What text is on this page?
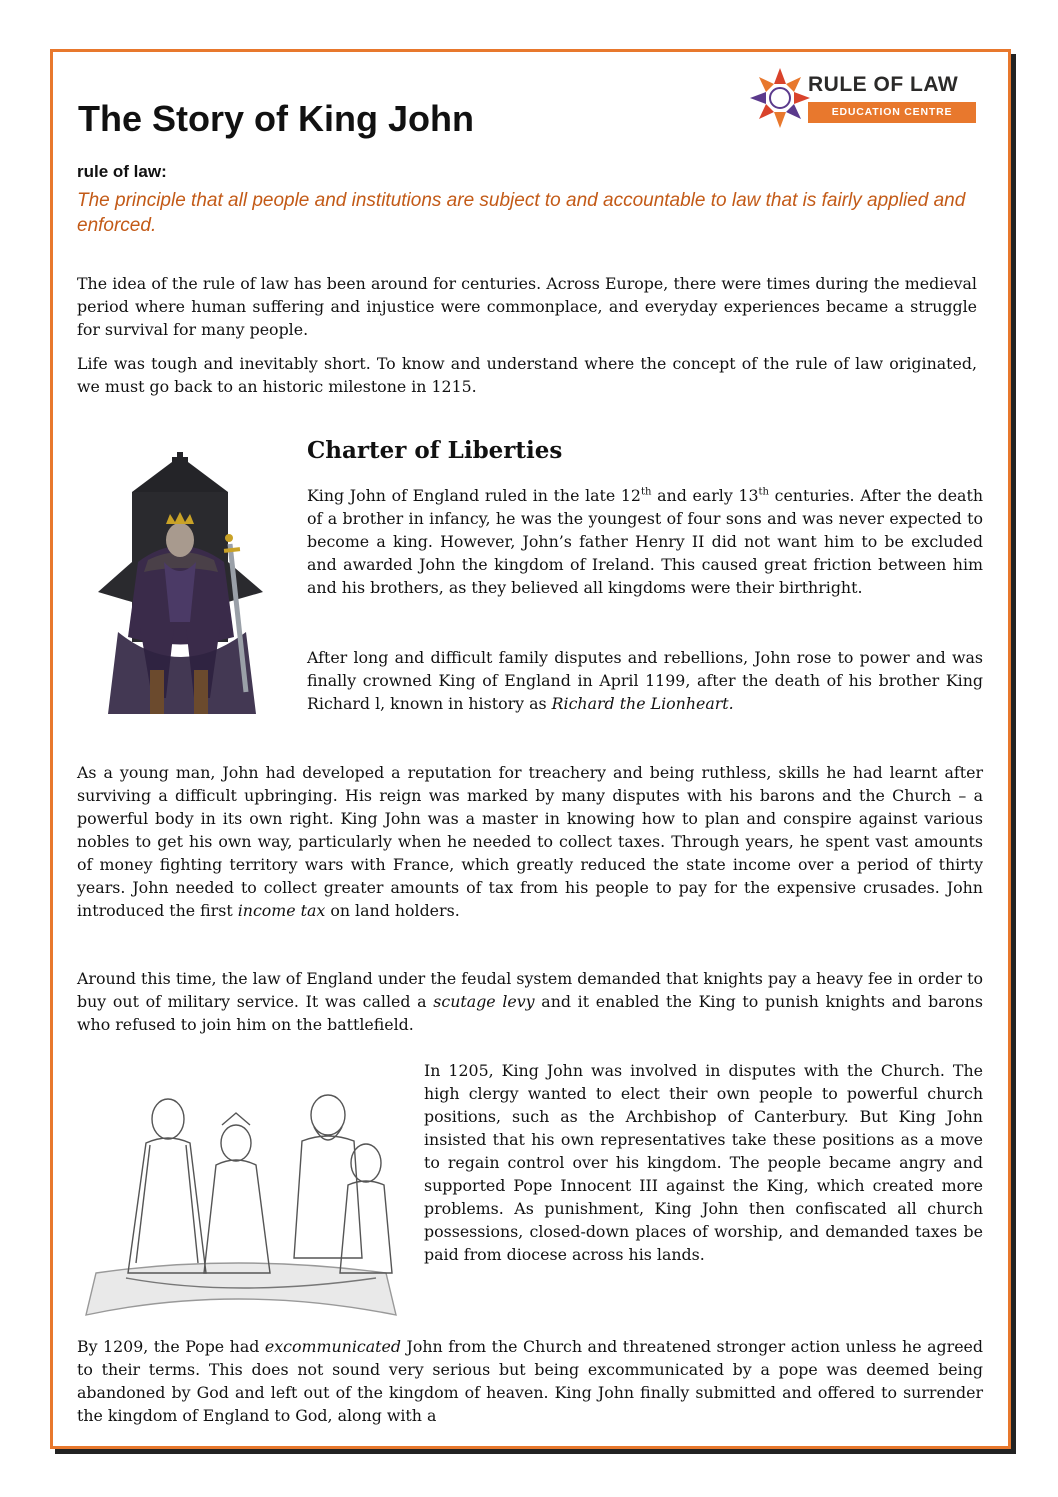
The Story of King John
RULE OF LAW
EDUCATION CENTRE
rule of law:
The principle that all people and institutions are subject to and accountable to law that is fairly applied and enforced.

The idea of the rule of law has been around for centuries. Across Europe, there were times during the medieval period where human suffering and injustice were commonplace, and everyday experiences became a struggle for survival for many people.

Life was tough and inevitably short. To know and understand where the concept of the rule of law originated, we must go back to an historic milestone in 1215.

Charter of Liberties

King John of England ruled in the late 12th and early 13th centuries. After the death of a brother in infancy, he was the youngest of four sons and was never expected to become a king. However, John’s father Henry II did not want him to be excluded and awarded John the kingdom of Ireland. This caused great friction between him and his brothers, as they believed all kingdoms were their birthright.

After long and difficult family disputes and rebellions, John rose to power and was finally crowned King of England in April 1199, after the death of his brother King Richard l, known in history as Richard the Lionheart.

As a young man, John had developed a reputation for treachery and being ruthless, skills he had learnt after surviving a difficult upbringing. His reign was marked by many disputes with his barons and the Church – a powerful body in its own right. King John was a master in knowing how to plan and conspire against various nobles to get his own way, particularly when he needed to collect taxes. Through years, he spent vast amounts of money fighting territory wars with France, which greatly reduced the state income over a period of thirty years. John needed to collect greater amounts of tax from his people to pay for the expensive crusades. John introduced the first income tax on land holders.

Around this time, the law of England under the feudal system demanded that knights pay a heavy fee in order to buy out of military service. It was called a scutage levy and it enabled the King to punish knights and barons who refused to join him on the battlefield.

In 1205, King John was involved in disputes with the Church. The high clergy wanted to elect their own people to powerful church positions, such as the Archbishop of Canterbury. But King John insisted that his own representatives take these positions as a move to regain control over his kingdom. The people became angry and supported Pope Innocent III against the King, which created more problems. As punishment, King John then confiscated all church possessions, closed-down places of worship, and demanded taxes be paid from diocese across his lands.

By 1209, the Pope had excommunicated John from the Church and threatened stronger action unless he agreed to their terms. This does not sound very serious but being excommunicated by a pope was deemed being abandoned by God and left out of the kingdom of heaven. King John finally submitted and offered to surrender the kingdom of England to God, along with a
